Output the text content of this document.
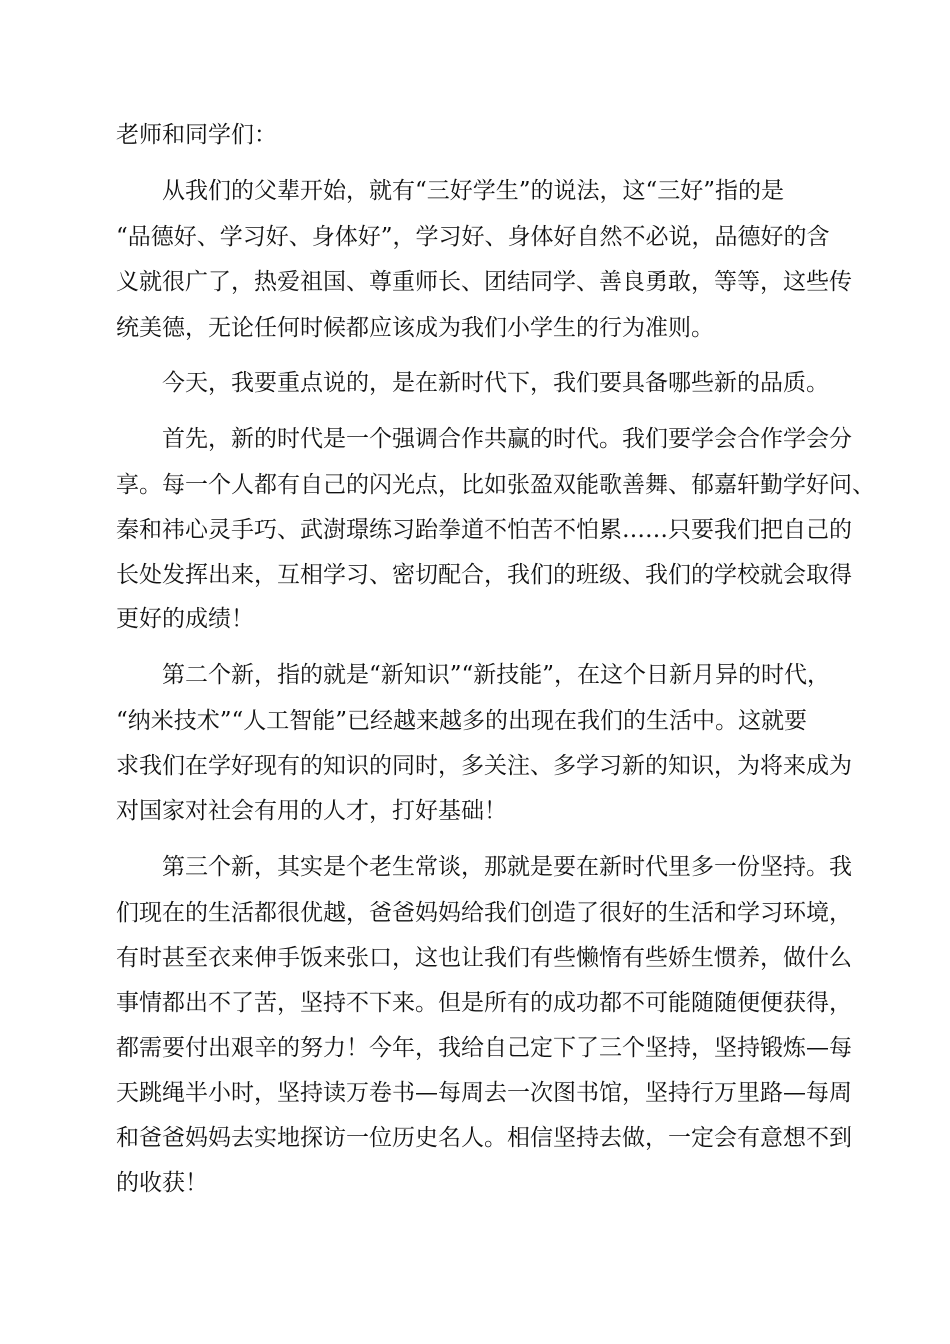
老师和同学们：
从我们的父辈开始，就有“三好学生”的说法，这“三好”指的是
“品德好、学习好、身体好”，学习好、身体好自然不必说，品德好的含
义就很广了，热爱祖国、尊重师长、团结同学、善良勇敢，等等，这些传
统美德，无论任何时候都应该成为我们小学生的行为准则。
今天，我要重点说的，是在新时代下，我们要具备哪些新的品质。
首先，新的时代是一个强调合作共赢的时代。我们要学会合作学会分
享。每一个人都有自己的闪光点，比如张盈双能歌善舞、郁嘉轩勤学好问、
秦和祎心灵手巧、武澍璟练习跆拳道不怕苦不怕累……只要我们把自己的
长处发挥出来，互相学习、密切配合，我们的班级、我们的学校就会取得
更好的成绩！
第二个新，指的就是“新知识”“新技能”，在这个日新月异的时代，
“纳米技术”“人工智能”已经越来越多的出现在我们的生活中。这就要
求我们在学好现有的知识的同时，多关注、多学习新的知识，为将来成为
对国家对社会有用的人才，打好基础！
第三个新，其实是个老生常谈，那就是要在新时代里多一份坚持。我
们现在的生活都很优越，爸爸妈妈给我们创造了很好的生活和学习环境，
有时甚至衣来伸手饭来张口，这也让我们有些懒惰有些娇生惯养，做什么
事情都出不了苦，坚持不下来。但是所有的成功都不可能随随便便获得，
都需要付出艰辛的努力！今年，我给自己定下了三个坚持，坚持锻炼—每
天跳绳半小时，坚持读万卷书—每周去一次图书馆，坚持行万里路—每周
和爸爸妈妈去实地探访一位历史名人。相信坚持去做，一定会有意想不到
的收获！
